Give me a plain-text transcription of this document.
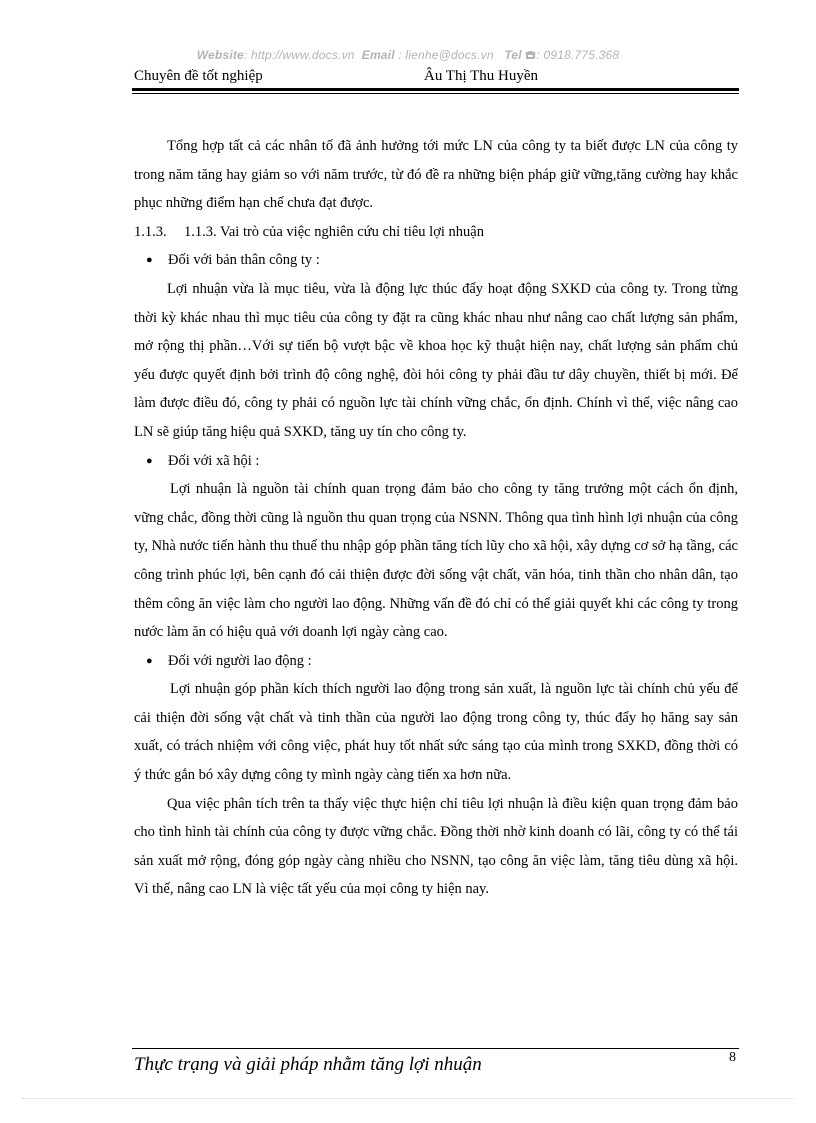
Website: http://www.docs.vn Email : lienhe@docs.vn Tel : 0918.775.368
Chuyên đề tốt nghiệp	Âu Thị Thu Huyền

Tổng hợp tất cả các nhân tố đã ảnh hưởng tới mức LN của công ty ta biết được LN của công ty trong năm tăng hay giảm so với năm trước, từ đó đề ra những biện pháp giữ vững,tăng cường hay khắc phục những điểm hạn chế chưa đạt được.

1.1.3. 1.1.3. Vai trò của việc nghiên cứu chỉ tiêu lợi nhuận

● Đối với bản thân công ty :

Lợi nhuận vừa là mục tiêu, vừa là động lực thúc đẩy hoạt động SXKD của công ty. Trong từng thời kỳ khác nhau thì mục tiêu của công ty đặt ra cũng khác nhau như nâng cao chất lượng sản phẩm, mở rộng thị phần…Với sự tiến bộ vượt bậc về khoa học kỹ thuật hiện nay, chất lượng sản phẩm chủ yếu được quyết định bởi trình độ công nghệ, đòi hỏi công ty phải đầu tư dây chuyền, thiết bị mới. Để làm được điều đó, công ty phải có nguồn lực tài chính vững chắc, ổn định. Chính vì thế, việc nâng cao LN sẽ giúp tăng hiệu quả SXKD, tăng uy tín cho công ty.

● Đối với xã hội :

Lợi nhuận là nguồn tài chính quan trọng đảm bảo cho công ty tăng trưởng một cách ổn định, vững chắc, đồng thời cũng là nguồn thu quan trọng của NSNN. Thông qua tình hình lợi nhuận của công ty, Nhà nước tiến hành thu thuế thu nhập góp phần tăng tích lũy cho xã hội, xây dựng cơ sở hạ tầng, các công trình phúc lợi, bên cạnh đó cải thiện được đời sống vật chất, văn hóa, tinh thần cho nhân dân, tạo thêm công ăn việc làm cho người lao động. Những vấn đề đó chỉ có thể giải quyết khi các công ty trong nước làm ăn có hiệu quả với doanh lợi ngày càng cao.

● Đối với người lao động :

Lợi nhuận góp phần kích thích người lao động trong sản xuất, là nguồn lực tài chính chủ yếu để cải thiện đời sống vật chất và tinh thần của người lao động trong công ty, thúc đẩy họ hăng say sản xuất, có trách nhiệm với công việc, phát huy tốt nhất sức sáng tạo của mình trong SXKD, đồng thời có ý thức gắn bó xây dựng công ty mình ngày càng tiến xa hơn nữa.

Qua việc phân tích trên ta thấy việc thực hiện chỉ tiêu lợi nhuận là điều kiện quan trọng đảm bảo cho tình hình tài chính của công ty được vững chắc. Đồng thời nhờ kinh doanh có lãi, công ty có thể tái sản xuất mở rộng, đóng góp ngày càng nhiều cho NSNN, tạo công ăn việc làm, tăng tiêu dùng xã hội. Vì thế, nâng cao LN là việc tất yếu của mọi công ty hiện nay.

Thực trạng và giải pháp nhằm tăng lợi nhuận	8
